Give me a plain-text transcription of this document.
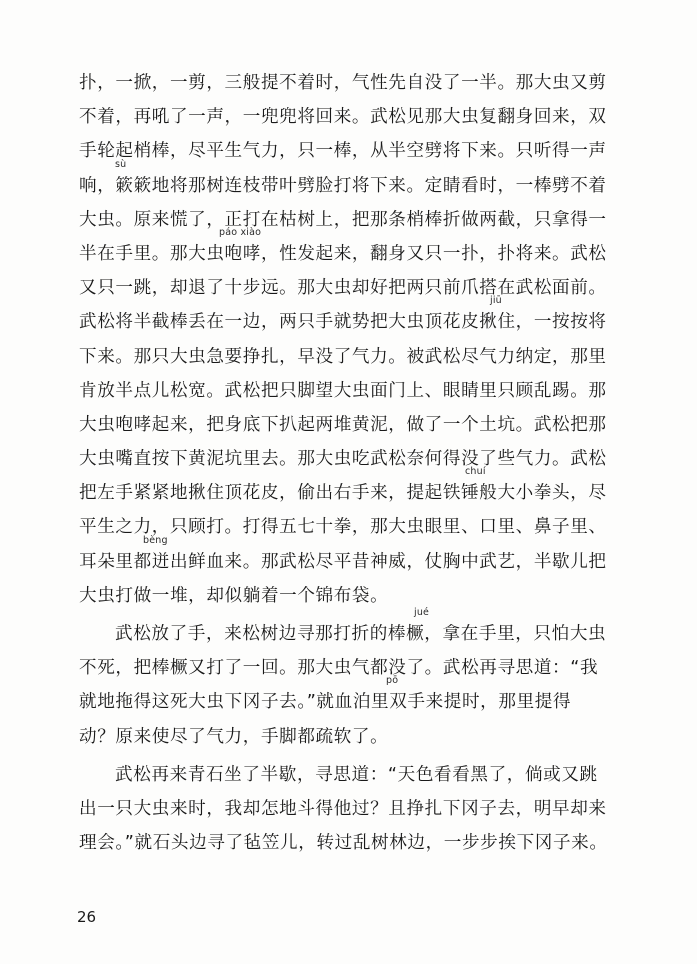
扑，一掀，一剪，三般提不着时，气性先自没了一半。那大虫又剪
不着，再吼了一声，一兜兜将回来。武松见那大虫复翻身回来，双
手轮起梢棒，尽平生气力，只一棒，从半空劈将下来。只听得一声
sù
响，簌簌地将那树连枝带叶劈脸打将下来。定睛看时，一棒劈不着
大虫。原来慌了，正打在枯树上，把那条梢棒折做两截，只拿得一
páo xiào
半在手里。那大虫咆哮，性发起来，翻身又只一扑，扑将来。武松
又只一跳，却退了十步远。那大虫却好把两只前爪搭在武松面前。
jiū
武松将半截棒丢在一边，两只手就势把大虫顶花皮揪住，一按按将
下来。那只大虫急要挣扎，早没了气力。被武松尽气力纳定，那里
肯放半点儿松宽。武松把只脚望大虫面门上、眼睛里只顾乱踢。那
大虫咆哮起来，把身底下扒起两堆黄泥，做了一个土坑。武松把那
大虫嘴直按下黄泥坑里去。那大虫吃武松奈何得没了些气力。武松
chuí
把左手紧紧地揪住顶花皮，偷出右手来，提起铁锤般大小拳头，尽
平生之力，只顾打。打得五七十拳，那大虫眼里、口里、鼻子里、
bèng
耳朵里都迸出鲜血来。那武松尽平昔神威，仗胸中武艺，半歇儿把
大虫打做一堆，却似躺着一个锦布袋。
jué
武松放了手，来松树边寻那打折的棒橛，拿在手里，只怕大虫
不死，把棒橛又打了一回。那大虫气都没了。武松再寻思道：“我
pō
就地拖得这死大虫下冈子去。”就血泊里双手来提时，那里提得
动？原来使尽了气力，手脚都疏软了。
武松再来青石坐了半歇，寻思道：“天色看看黑了，倘或又跳
出一只大虫来时，我却怎地斗得他过？且挣扎下冈子去，明早却来
理会。”就石头边寻了毡笠儿，转过乱树林边，一步步挨下冈子来。
26
